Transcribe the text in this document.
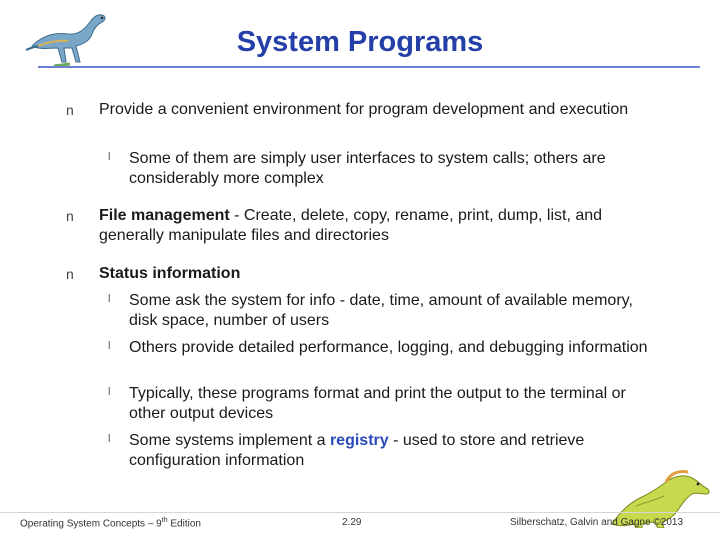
System Programs
n Provide a convenient environment for program development and execution
l Some of them are simply user interfaces to system calls; others are considerably more complex
n File management - Create, delete, copy, rename, print, dump, list, and generally manipulate files and directories
n Status information
l Some ask the system for info - date, time, amount of available memory, disk space, number of users
l Others provide detailed performance, logging, and debugging information
l Typically, these programs format and print the output to the terminal or other output devices
l Some systems implement a registry - used to store and retrieve configuration information
Operating System Concepts – 9th Edition	2.29	Silberschatz, Galvin and Gagne ©2013
